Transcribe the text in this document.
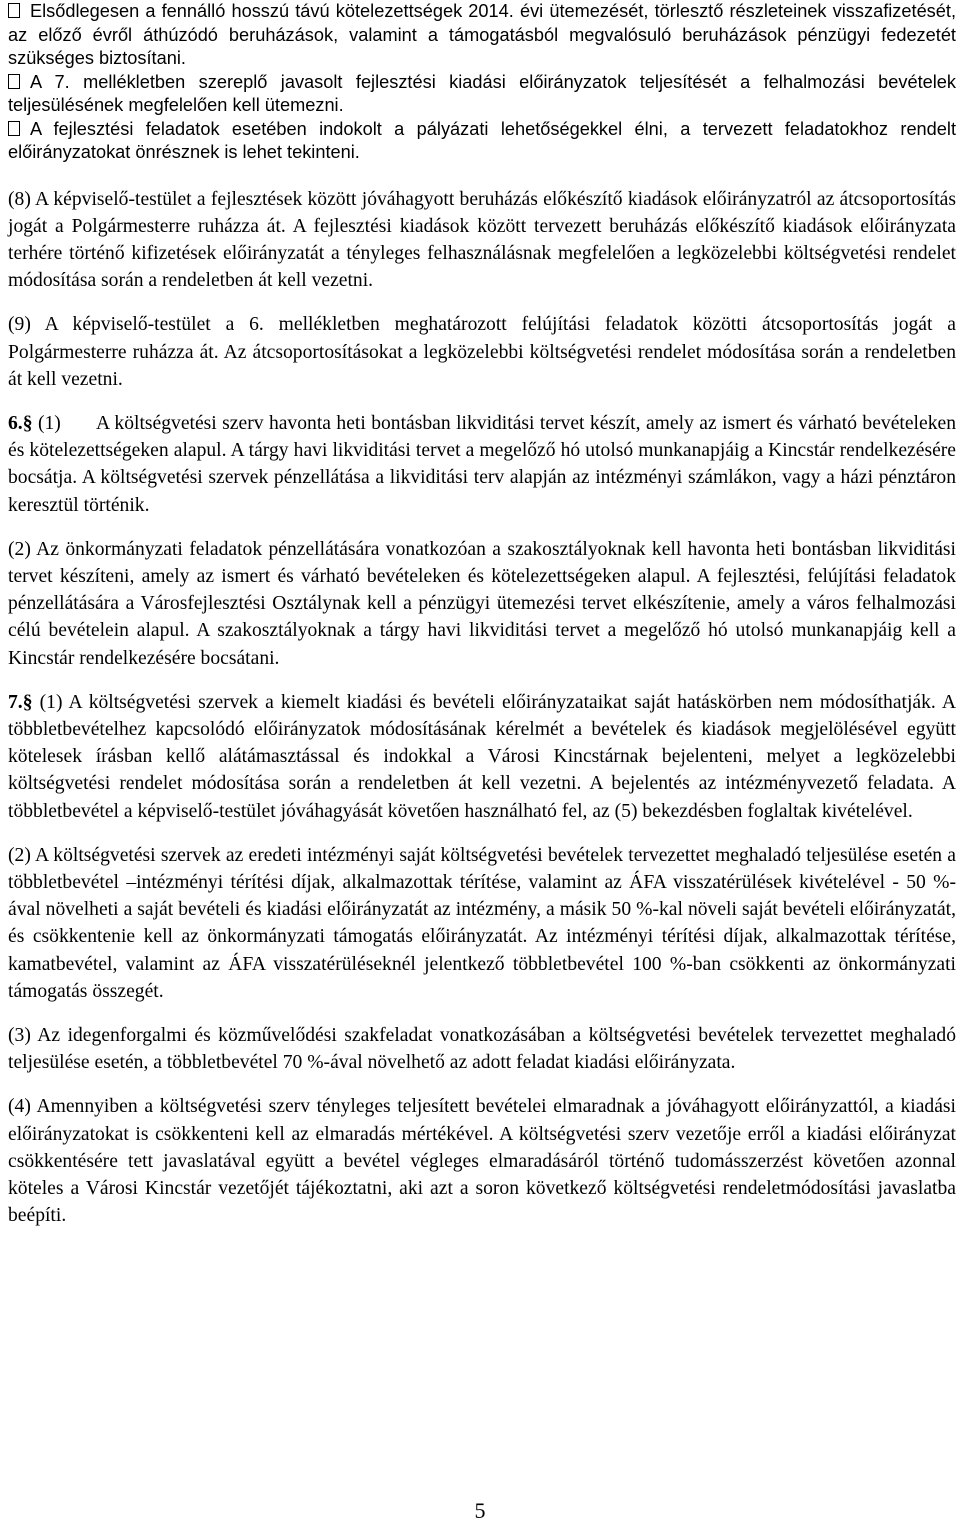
Elsődlegesen a fennálló hosszú távú kötelezettségek 2014. évi ütemezését, törlesztő részleteinek visszafizetését, az előző évről áthúzódó beruházások, valamint a támogatásból megvalósuló beruházások pénzügyi fedezetét szükséges biztosítani.

A 7. mellékletben szereplő javasolt fejlesztési kiadási előirányzatok teljesítését a felhalmozási bevételek teljesülésének megfelelően kell ütemezni.

A fejlesztési feladatok esetében indokolt a pályázati lehetőségekkel élni, a tervezett feladatokhoz rendelt előirányzatokat önrésznek is lehet tekinteni.

(8) A képviselő-testület a fejlesztések között jóváhagyott beruházás előkészítő kiadások előirányzatról az átcsoportosítás jogát a Polgármesterre ruházza át. A fejlesztési kiadások között tervezett beruházás előkészítő kiadások előirányzata terhére történő kifizetések előirányzatát a tényleges felhasználásnak megfelelően a legközelebbi költségvetési rendelet módosítása során a rendeletben át kell vezetni.

(9) A képviselő-testület a 6. mellékletben meghatározott felújítási feladatok közötti átcsoportosítás jogát a Polgármesterre ruházza át. Az átcsoportosításokat a legközelebbi költségvetési rendelet módosítása során a rendeletben át kell vezetni.

6.§ (1) A költségvetési szerv havonta heti bontásban likviditási tervet készít, amely az ismert és várható bevételeken és kötelezettségeken alapul. A tárgy havi likviditási tervet a megelőző hó utolsó munkanapjáig a Kincstár rendelkezésére bocsátja. A költségvetési szervek pénzellátása a likviditási terv alapján az intézményi számlákon, vagy a házi pénztáron keresztül történik.

(2) Az önkormányzati feladatok pénzellátására vonatkozóan a szakosztályoknak kell havonta heti bontásban likviditási tervet készíteni, amely az ismert és várható bevételeken és kötelezettségeken alapul. A fejlesztési, felújítási feladatok pénzellátására a Városfejlesztési Osztálynak kell a pénzügyi ütemezési tervet elkészítenie, amely a város felhalmozási célú bevételein alapul. A szakosztályoknak a tárgy havi likviditási tervet a megelőző hó utolsó munkanapjáig kell a Kincstár rendelkezésére bocsátani.

7.§ (1) A költségvetési szervek a kiemelt kiadási és bevételi előirányzataikat saját hatáskörben nem módosíthatják. A többletbevételhez kapcsolódó előirányzatok módosításának kérelmét a bevételek és kiadások megjelölésével együtt kötelesek írásban kellő alátámasztással és indokkal a Városi Kincstárnak bejelenteni, melyet a legközelebbi költségvetési rendelet módosítása során a rendeletben át kell vezetni. A bejelentés az intézményvezető feladata. A többletbevétel a képviselő-testület jóváhagyását követően használható fel, az (5) bekezdésben foglaltak kivételével.

(2) A költségvetési szervek az eredeti intézményi saját költségvetési bevételek tervezettet meghaladó teljesülése esetén a többletbevétel –intézményi térítési díjak, alkalmazottak térítése, valamint az ÁFA visszatérülések kivételével - 50 %-ával növelheti a saját bevételi és kiadási előirányzatát az intézmény, a másik 50 %-kal növeli saját bevételi előirányzatát, és csökkentenie kell az önkormányzati támogatás előirányzatát. Az intézményi térítési díjak, alkalmazottak térítése, kamatbevétel, valamint az ÁFA visszatérüléseknél jelentkező többletbevétel 100 %-ban csökkenti az önkormányzati támogatás összegét.

(3) Az idegenforgalmi és közművelődési szakfeladat vonatkozásában a költségvetési bevételek tervezettet meghaladó teljesülése esetén, a többletbevétel 70 %-ával növelhető az adott feladat kiadási előirányzata.

(4) Amennyiben a költségvetési szerv tényleges teljesített bevételei elmaradnak a jóváhagyott előirányzattól, a kiadási előirányzatokat is csökkenteni kell az elmaradás mértékével. A költségvetési szerv vezetője erről a kiadási előirányzat csökkentésére tett javaslatával együtt a bevétel végleges elmaradásáról történő tudomásszerzést követően azonnal köteles a Városi Kincstár vezetőjét tájékoztatni, aki azt a soron következő költségvetési rendeletmódosítási javaslatba beépíti.

5
